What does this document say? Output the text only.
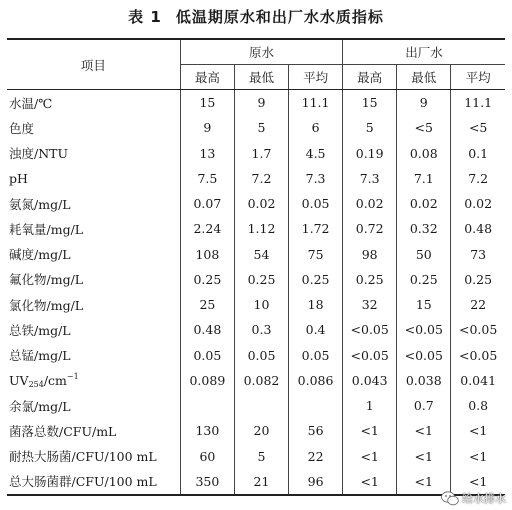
表 1 低温期原水和出厂水水质指标
项目	原水			出厂水		
	最高	最低	平均	最高	最低	平均
水温/℃	15	9	11.1	15	9	11.1
色度	9	5	6	5	<5	<5
浊度/NTU	13	1.7	4.5	0.19	0.08	0.1
pH	7.5	7.2	7.3	7.3	7.1	7.2
氨氮/mg/L	0.07	0.02	0.05	0.02	0.02	0.02
耗氧量/mg/L	2.24	1.12	1.72	0.72	0.32	0.48
碱度/mg/L	108	54	75	98	50	73
氟化物/mg/L	0.25	0.25	0.25	0.25	0.25	0.25
氯化物/mg/L	25	10	18	32	15	22
总铁/mg/L	0.48	0.3	0.4	<0.05	<0.05	<0.05
总锰/mg/L	0.05	0.05	0.05	<0.05	<0.05	<0.05
$UV_{254}/cm^{-1}$	0.089	0.082	0.086	0.043	0.038	0.041
余氯/mg/L				1	0.7	0.8
菌落总数/CFU/mL	130	20	56	<1	<1	<1
耐热大肠菌/CFU/100 mL	60	5	22	<1	<1	<1
总大肠菌群/CFU/100 mL	350	21	96	<1	<1	<1
给水排水
